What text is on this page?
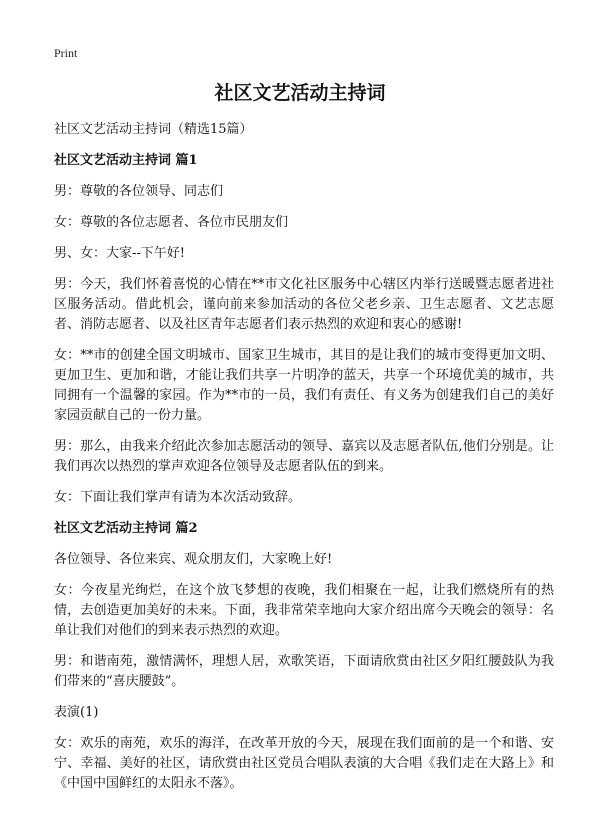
Print
社区文艺活动主持词

社区文艺活动主持词（精选15篇）

社区文艺活动主持词 篇1

男：尊敬的各位领导、同志们

女：尊敬的各位志愿者、各位市民朋友们

男、女：大家--下午好!

男：今天，我们怀着喜悦的心情在**市文化社区服务中心辖区内举行送暖暨志愿者进社区服务活动。借此机会，谨向前来参加活动的各位父老乡亲、卫生志愿者、文艺志愿者、消防志愿者、以及社区青年志愿者们表示热烈的欢迎和衷心的感谢!

女：**市的创建全国文明城市、国家卫生城市，其目的是让我们的城市变得更加文明、更加卫生、更加和谐，才能让我们共享一片明净的蓝天，共享一个环境优美的城市，共同拥有一个温馨的家园。作为**市的一员，我们有责任、有义务为创建我们自己的美好家园贡献自己的一份力量。

男：那么，由我来介绍此次参加志愿活动的领导、嘉宾以及志愿者队伍,他们分别是。让我们再次以热烈的掌声欢迎各位领导及志愿者队伍的到来。

女：下面让我们掌声有请为本次活动致辞。

社区文艺活动主持词 篇2

各位领导、各位来宾、观众朋友们，大家晚上好!

女：今夜星光绚烂，在这个放飞梦想的夜晚，我们相聚在一起，让我们燃烧所有的热情，去创造更加美好的未来。下面，我非常荣幸地向大家介绍出席今天晚会的领导：名单让我们对他们的到来表示热烈的欢迎。

男：和谐南苑，激情满怀，理想人居，欢歌笑语，下面请欣赏由社区夕阳红腰鼓队为我们带来的“喜庆腰鼓”。

表演(1)

女：欢乐的南苑，欢乐的海洋，在改革开放的今天，展现在我们面前的是一个和谐、安宁、幸福、美好的社区，请欣赏由社区党员合唱队表演的大合唱《我们走在大路上》和《中国中国鲜红的太阳永不落》。
